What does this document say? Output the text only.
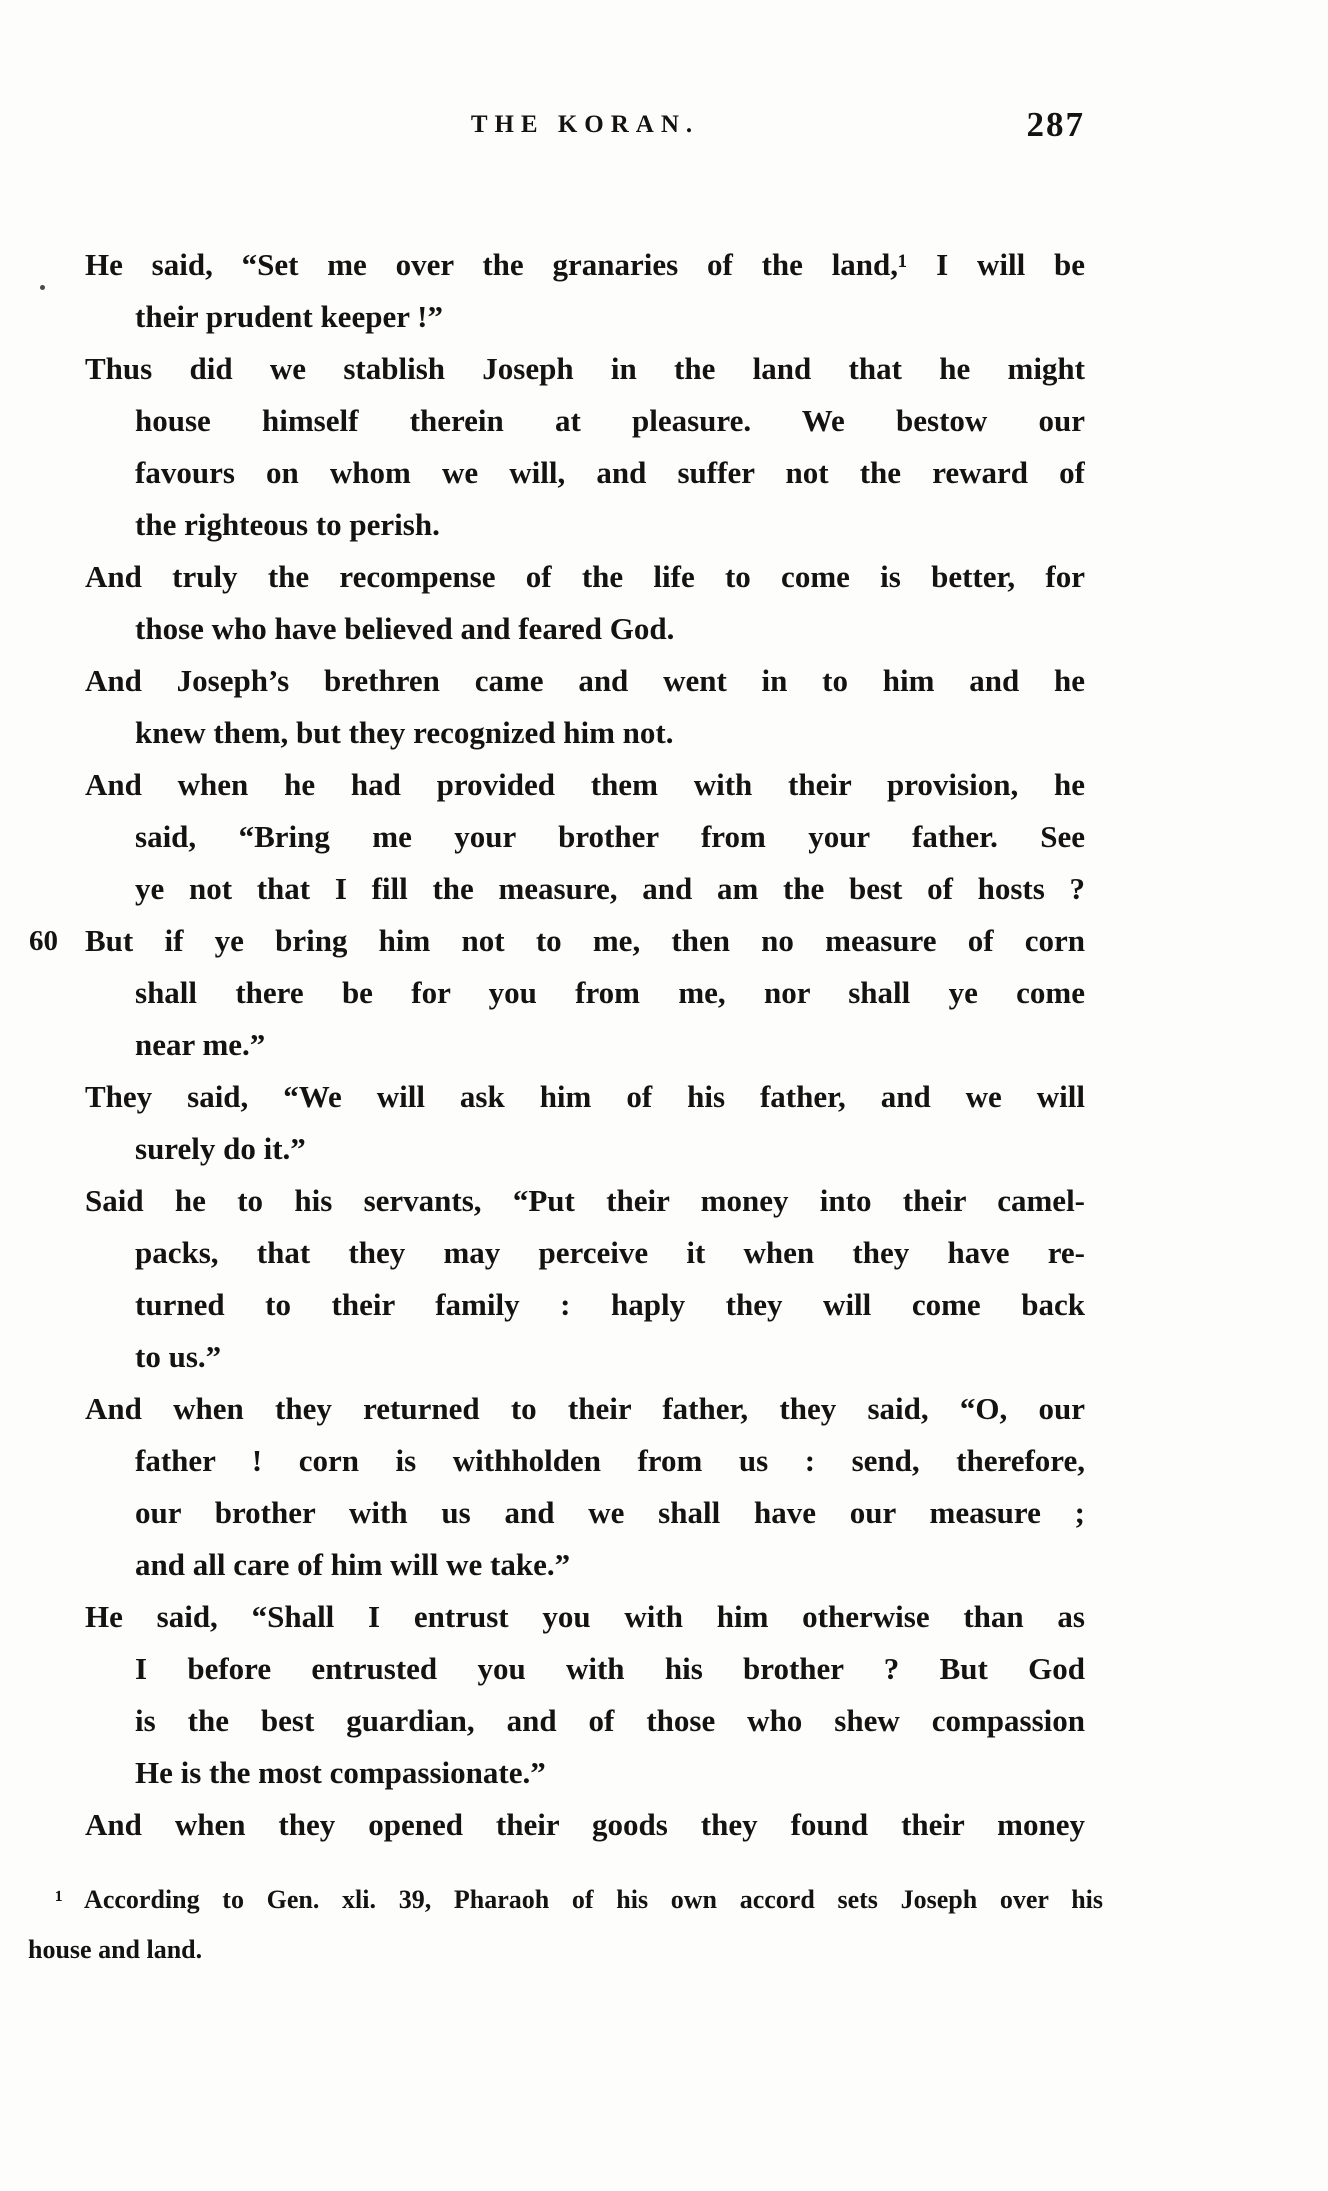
THE KORAN.	287
He said, “Set me over the granaries of the land,¹ I will be
their prudent keeper !”
Thus did we stablish Joseph in the land that he might
house himself therein at pleasure. We bestow our
favours on whom we will, and suffer not the reward of
the righteous to perish.
And truly the recompense of the life to come is better, for
those who have believed and feared God.
And Joseph’s brethren came and went in to him and he
knew them, but they recognized him not.
And when he had provided them with their provision, he
said, “Bring me your brother from your father. See
ye not that I fill the measure, and am the best of hosts ?
60 But if ye bring him not to me, then no measure of corn
shall there be for you from me, nor shall ye come
near me.”
They said, “We will ask him of his father, and we will
surely do it.”
Said he to his servants, “Put their money into their camel-
packs, that they may perceive it when they have re-
turned to their family : haply they will come back
to us.”
And when they returned to their father, they said, “O, our
father ! corn is withholden from us : send, therefore,
our brother with us and we shall have our measure ;
and all care of him will we take.”
He said, “Shall I entrust you with him otherwise than as
I before entrusted you with his brother ? But God
is the best guardian, and of those who shew compassion
He is the most compassionate.”
And when they opened their goods they found their money
¹ According to Gen. xli. 39, Pharaoh of his own accord sets Joseph over his
house and land.
